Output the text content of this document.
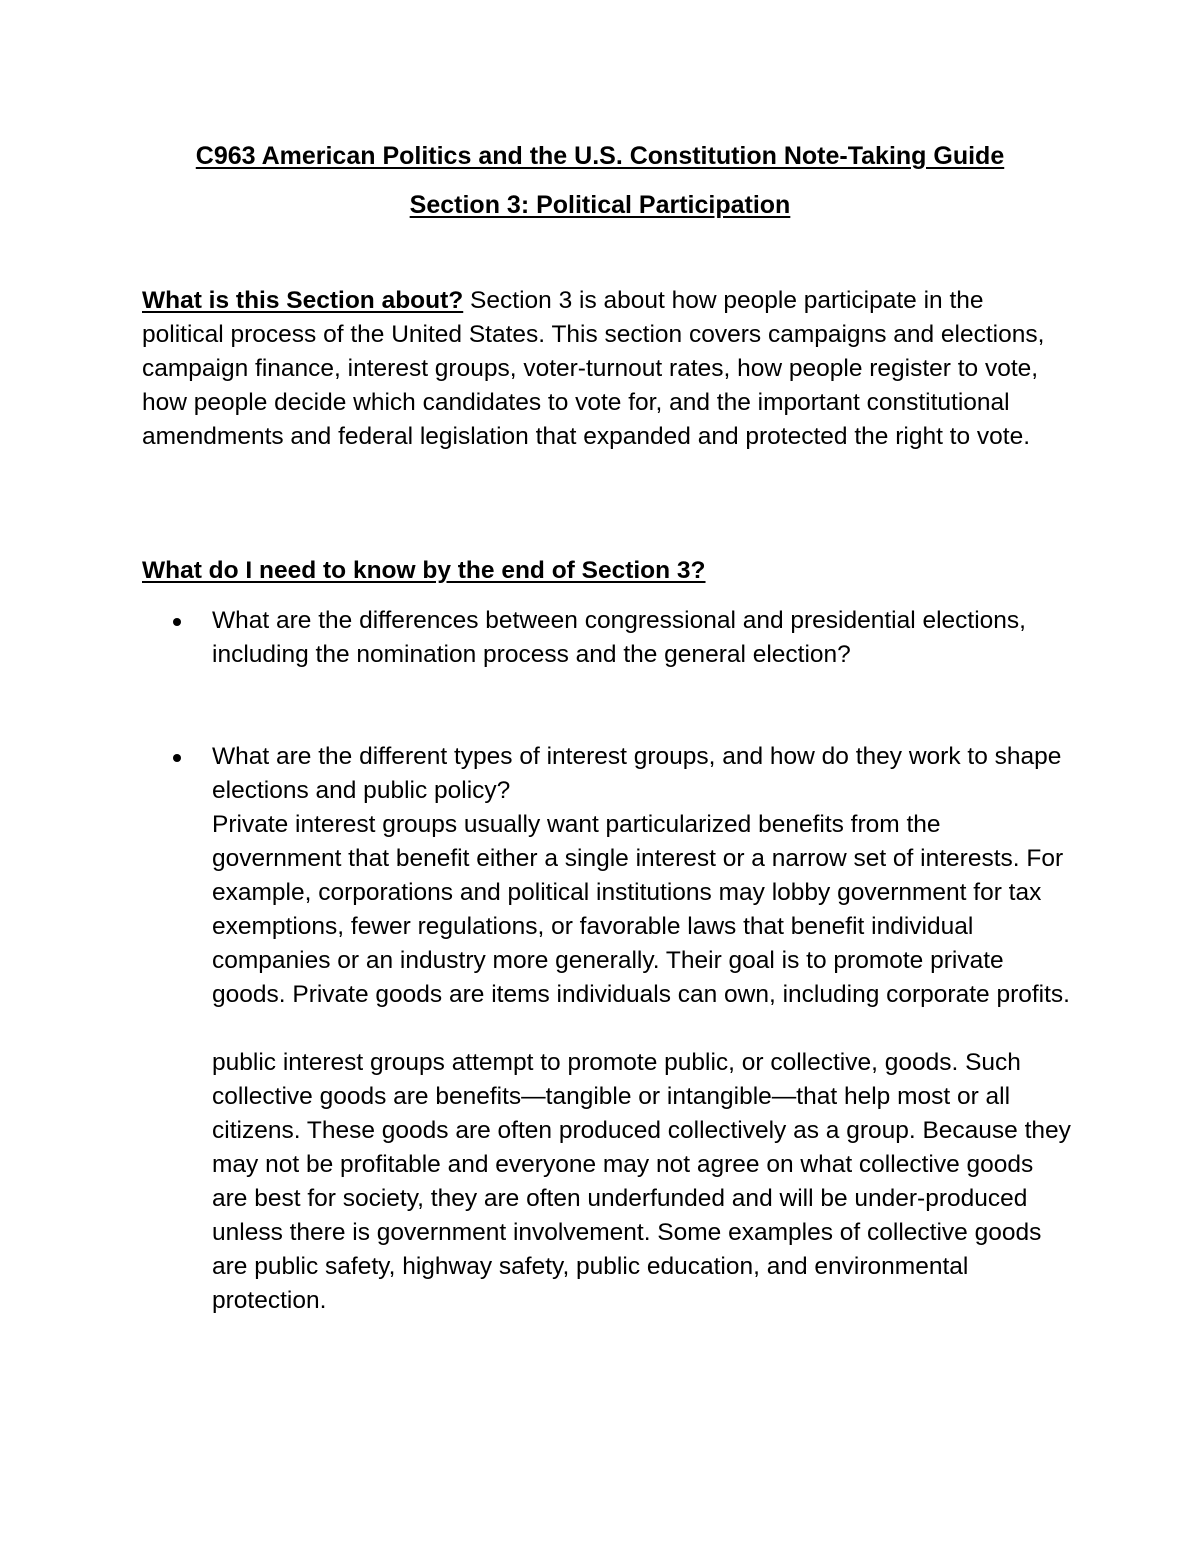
C963 American Politics and the U.S. Constitution Note-Taking Guide
Section 3: Political Participation

What is this Section about? Section 3 is about how people participate in the political process of the United States. This section covers campaigns and elections, campaign finance, interest groups, voter-turnout rates, how people register to vote, how people decide which candidates to vote for, and the important constitutional amendments and federal legislation that expanded and protected the right to vote.

What do I need to know by the end of Section 3?
What are the differences between congressional and presidential elections, including the nomination process and the general election?
What are the different types of interest groups, and how do they work to shape elections and public policy?
Private interest groups usually want particularized benefits from the government that benefit either a single interest or a narrow set of interests. For example, corporations and political institutions may lobby government for tax exemptions, fewer regulations, or favorable laws that benefit individual companies or an industry more generally. Their goal is to promote private goods. Private goods are items individuals can own, including corporate profits.
public interest groups attempt to promote public, or collective, goods. Such collective goods are benefits—tangible or intangible—that help most or all citizens. These goods are often produced collectively as a group. Because they may not be profitable and everyone may not agree on what collective goods are best for society, they are often underfunded and will be under-produced unless there is government involvement. Some examples of collective goods are public safety, highway safety, public education, and environmental protection.
